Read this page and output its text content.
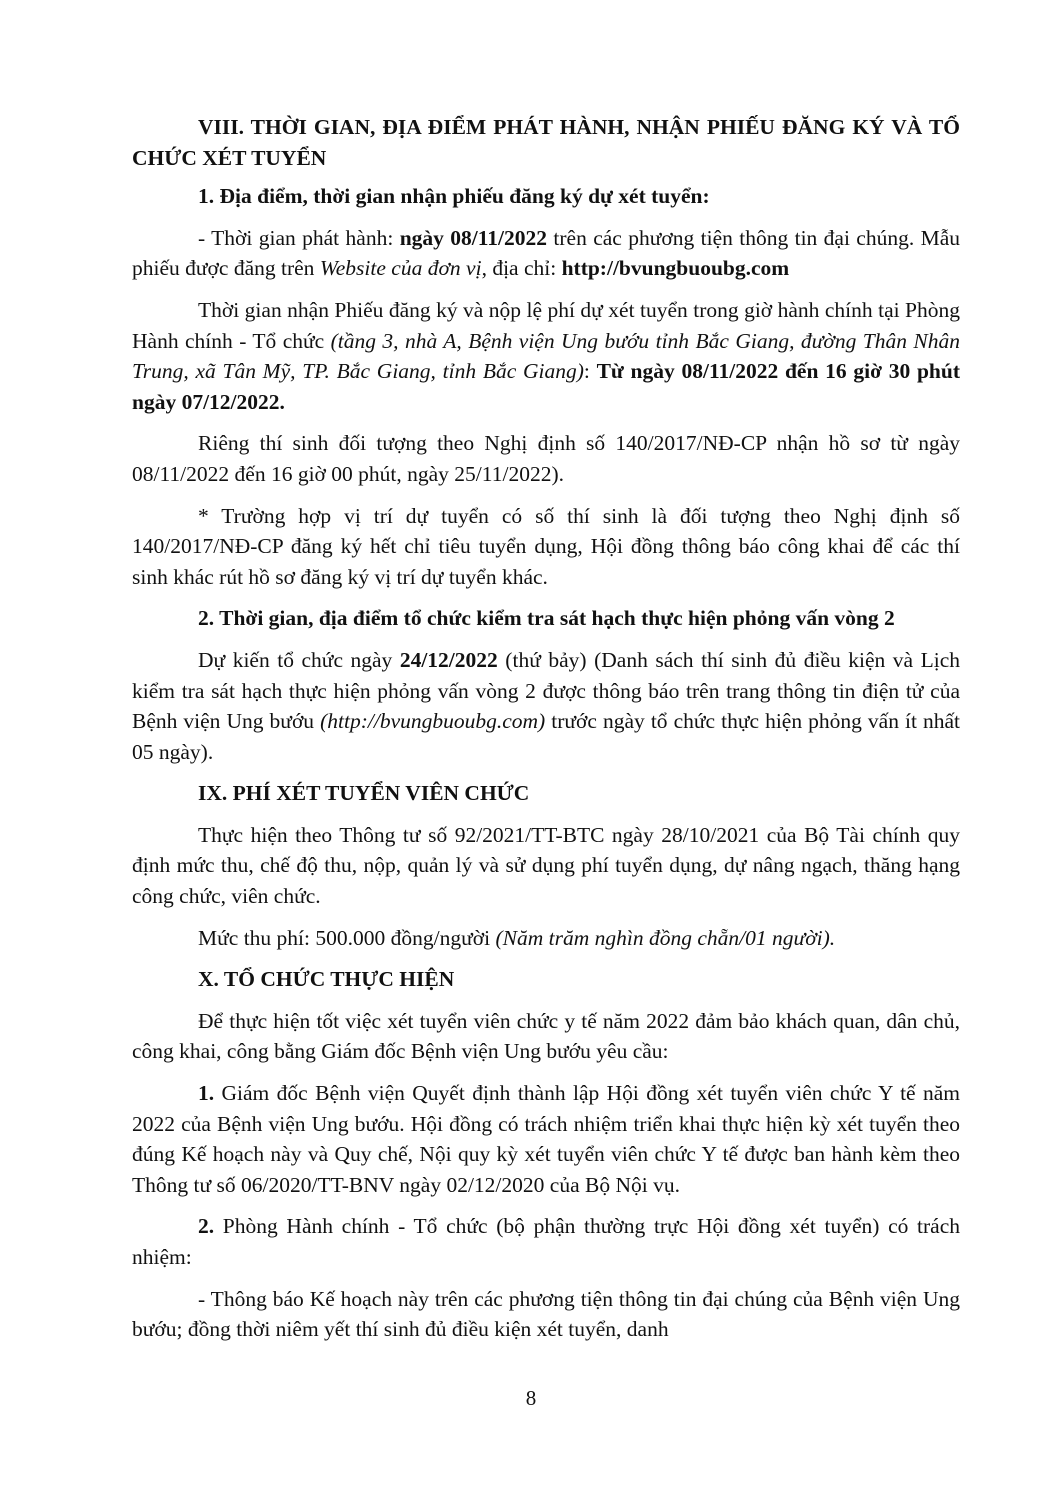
VIII. THỜI GIAN, ĐỊA ĐIỂM PHÁT HÀNH, NHẬN PHIẾU ĐĂNG KÝ VÀ TỔ CHỨC XÉT TUYỂN

1. Địa điểm, thời gian nhận phiếu đăng ký dự xét tuyển:

- Thời gian phát hành: ngày 08/11/2022 trên các phương tiện thông tin đại chúng. Mẫu phiếu được đăng trên Website của đơn vị, địa chỉ: http://bvungbuoubg.com

Thời gian nhận Phiếu đăng ký và nộp lệ phí dự xét tuyển trong giờ hành chính tại Phòng Hành chính - Tổ chức (tầng 3, nhà A, Bệnh viện Ung bướu tỉnh Bắc Giang, đường Thân Nhân Trung, xã Tân Mỹ, TP. Bắc Giang, tỉnh Bắc Giang): Từ ngày 08/11/2022 đến 16 giờ 30 phút ngày 07/12/2022.

Riêng thí sinh đối tượng theo Nghị định số 140/2017/NĐ-CP nhận hồ sơ từ ngày 08/11/2022 đến 16 giờ 00 phút, ngày 25/11/2022).

* Trường hợp vị trí dự tuyển có số thí sinh là đối tượng theo Nghị định số 140/2017/NĐ-CP đăng ký hết chỉ tiêu tuyển dụng, Hội đồng thông báo công khai để các thí sinh khác rút hồ sơ đăng ký vị trí dự tuyển khác.

2. Thời gian, địa điểm tổ chức kiểm tra sát hạch thực hiện phỏng vấn vòng 2

Dự kiến tổ chức ngày 24/12/2022 (thứ bảy) (Danh sách thí sinh đủ điều kiện và Lịch kiểm tra sát hạch thực hiện phỏng vấn vòng 2 được thông báo trên trang thông tin điện tử của Bệnh viện Ung bướu (http://bvungbuoubg.com) trước ngày tổ chức thực hiện phỏng vấn ít nhất 05 ngày).

IX. PHÍ XÉT TUYỂN VIÊN CHỨC

Thực hiện theo Thông tư số 92/2021/TT-BTC ngày 28/10/2021 của Bộ Tài chính quy định mức thu, chế độ thu, nộp, quản lý và sử dụng phí tuyển dụng, dự nâng ngạch, thăng hạng công chức, viên chức.

Mức thu phí: 500.000 đồng/người (Năm trăm nghìn đồng chẵn/01 người).

X. TỔ CHỨC THỰC HIỆN

Để thực hiện tốt việc xét tuyển viên chức y tế năm 2022 đảm bảo khách quan, dân chủ, công khai, công bằng Giám đốc Bệnh viện Ung bướu yêu cầu:

1. Giám đốc Bệnh viện Quyết định thành lập Hội đồng xét tuyển viên chức Y tế năm 2022 của Bệnh viện Ung bướu. Hội đồng có trách nhiệm triển khai thực hiện kỳ xét tuyển theo đúng Kế hoạch này và Quy chế, Nội quy kỳ xét tuyển viên chức Y tế được ban hành kèm theo Thông tư số 06/2020/TT-BNV ngày 02/12/2020 của Bộ Nội vụ.

2. Phòng Hành chính - Tổ chức (bộ phận thường trực Hội đồng xét tuyển) có trách nhiệm:

- Thông báo Kế hoạch này trên các phương tiện thông tin đại chúng của Bệnh viện Ung bướu; đồng thời niêm yết thí sinh đủ điều kiện xét tuyển, danh

8
